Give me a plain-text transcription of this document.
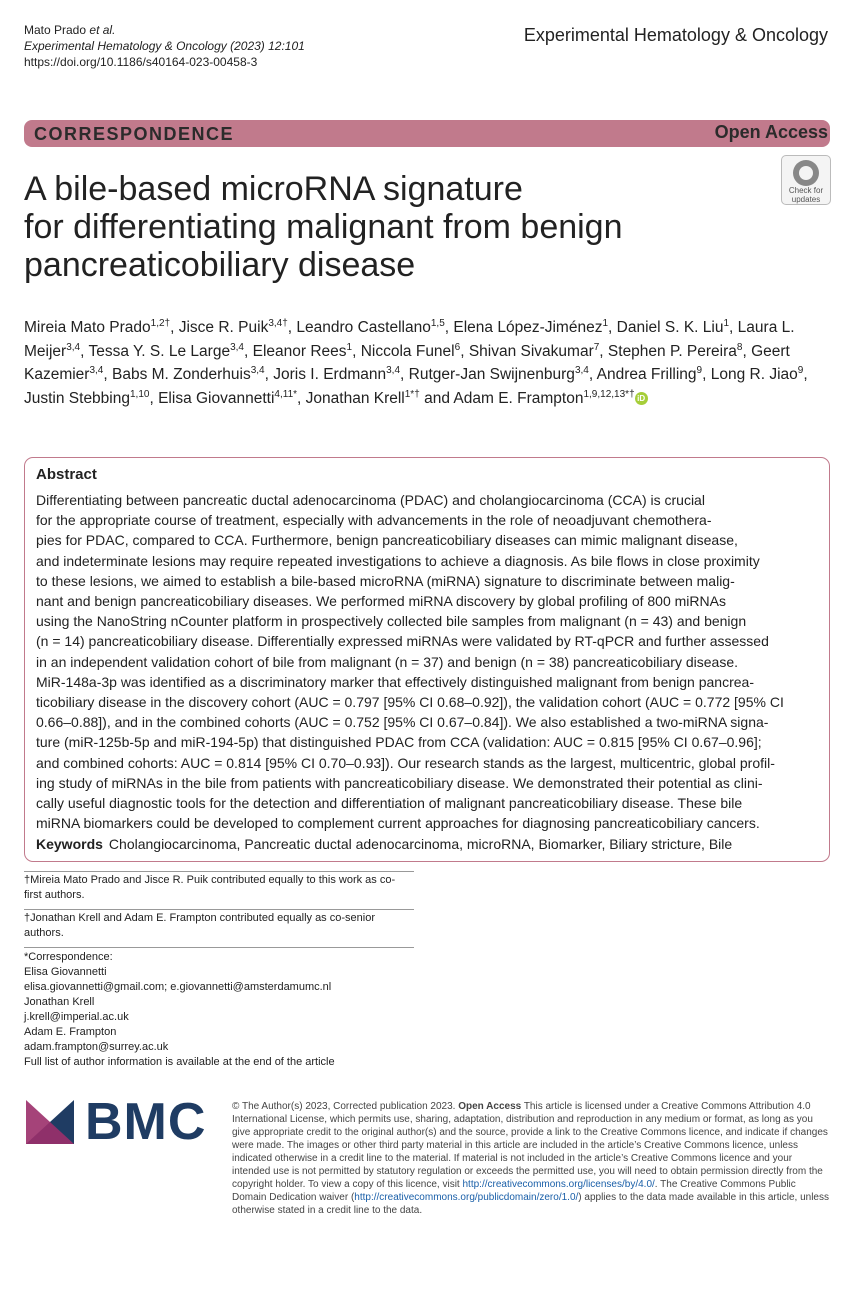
Mato Prado et al.
Experimental Hematology & Oncology (2023) 12:101
https://doi.org/10.1186/s40164-023-00458-3
Experimental Hematology & Oncology
CORRESPONDENCE	Open Access
Check for
updates
A bile-based microRNA signature
for differentiating malignant from benign
pancreaticobiliary disease
Mireia Mato Prado$^{1,2\dagger}$, Jisce R. Puik$^{3,4\dagger}$, Leandro Castellano$^{1,5}$, Elena López-Jiménez$^1$, Daniel S. K. Liu$^1$, Laura L. Meijer$^{3,4}$, Tessa Y. S. Le Large$^{3,4}$, Eleanor Rees$^1$, Niccola Funel$^6$, Shivan Sivakumar$^7$, Stephen P. Pereira$^8$, Geert Kazemier$^{3,4}$, Babs M. Zonderhuis$^{3,4}$, Joris I. Erdmann$^{3,4}$, Rutger-Jan Swijnenburg$^{3,4}$, Andrea Frilling$^9$, Long R. Jiao$^9$, Justin Stebbing$^{1,10}$, Elisa Giovannetti$^{4,11*}$, Jonathan Krell$^{1*\dagger}$ and Adam E. Frampton$^{1,9,12,13*\dagger}$ iD
Abstract
Differentiating between pancreatic ductal adenocarcinoma (PDAC) and cholangiocarcinoma (CCA) is crucial
for the appropriate course of treatment, especially with advancements in the role of neoadjuvant chemothera-
pies for PDAC, compared to CCA. Furthermore, benign pancreaticobiliary diseases can mimic malignant disease,
and indeterminate lesions may require repeated investigations to achieve a diagnosis. As bile flows in close proximity
to these lesions, we aimed to establish a bile-based microRNA (miRNA) signature to discriminate between malig-
nant and benign pancreaticobiliary diseases. We performed miRNA discovery by global profiling of 800 miRNAs
using the NanoString nCounter platform in prospectively collected bile samples from malignant (n = 43) and benign
(n = 14) pancreaticobiliary disease. Differentially expressed miRNAs were validated by RT-qPCR and further assessed
in an independent validation cohort of bile from malignant (n = 37) and benign (n = 38) pancreaticobiliary disease.
MiR-148a-3p was identified as a discriminatory marker that effectively distinguished malignant from benign pancrea-
ticobiliary disease in the discovery cohort (AUC = 0.797 [95% CI 0.68–0.92]), the validation cohort (AUC = 0.772 [95% CI
0.66–0.88]), and in the combined cohorts (AUC = 0.752 [95% CI 0.67–0.84]). We also established a two-miRNA signa-
ture (miR-125b-5p and miR-194-5p) that distinguished PDAC from CCA (validation: AUC = 0.815 [95% CI 0.67–0.96];
and combined cohorts: AUC = 0.814 [95% CI 0.70–0.93]). Our research stands as the largest, multicentric, global profil-
ing study of miRNAs in the bile from patients with pancreaticobiliary disease. We demonstrated their potential as clini-
cally useful diagnostic tools for the detection and differentiation of malignant pancreaticobiliary disease. These bile
miRNA biomarkers could be developed to complement current approaches for diagnosing pancreaticobiliary cancers.
Keywords Cholangiocarcinoma, Pancreatic ductal adenocarcinoma, microRNA, Biomarker, Biliary stricture, Bile
†Mireia Mato Prado and Jisce R. Puik contributed equally to this work as co-
first authors.
†Jonathan Krell and Adam E. Frampton contributed equally as co-senior
authors.
*Correspondence:
Elisa Giovannetti
elisa.giovannetti@gmail.com; e.giovannetti@amsterdamumc.nl
Jonathan Krell
j.krell@imperial.ac.uk
Adam E. Frampton
adam.frampton@surrey.ac.uk
Full list of author information is available at the end of the article
BMC	© The Author(s) 2023, Corrected publication 2023. Open Access This article is licensed under a Creative Commons Attribution 4.0 International License, which permits use, sharing, adaptation, distribution and reproduction in any medium or format, as long as you give appropriate credit to the original author(s) and the source, provide a link to the Creative Commons licence, and indicate if changes were made. The images or other third party material in this article are included in the article’s Creative Commons licence, unless indicated otherwise in a credit line to the material. If material is not included in the article’s Creative Commons licence and your intended use is not permitted by statutory regulation or exceeds the permitted use, you will need to obtain permission directly from the copyright holder. To view a copy of this licence, visit http://creativecommons.org/licenses/by/4.0/. The Creative Commons Public Domain Dedication waiver (http://creativecommons.org/publicdomain/zero/1.0/) applies to the data made available in this article, unless otherwise stated in a credit line to the data.
